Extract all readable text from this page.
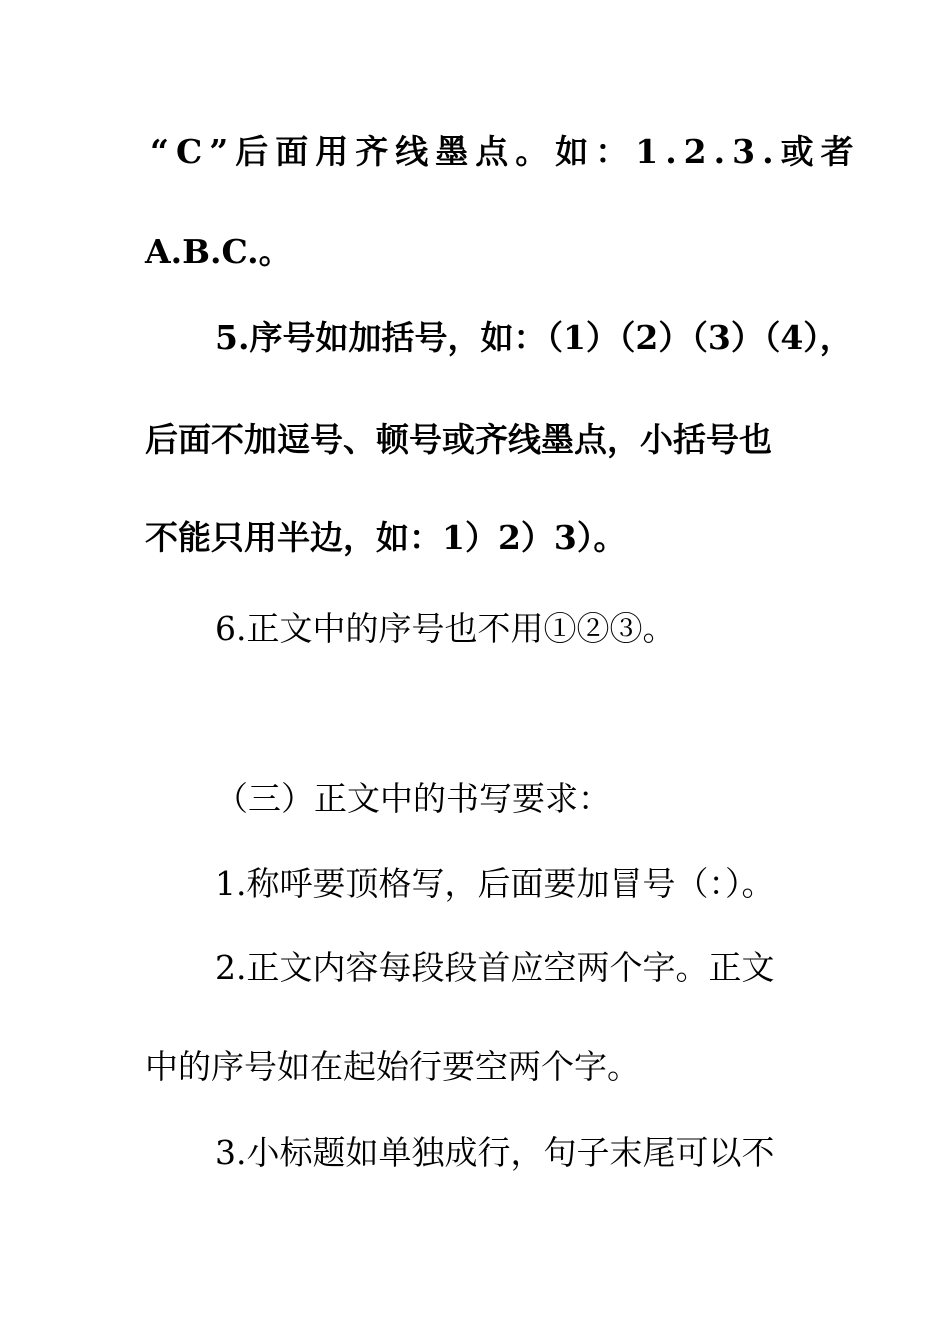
“C”后面用齐线墨点。如：1.2.3.或者
A.B.C.。
5.序号如加括号，如：（1）（2）（3）（4），
后面不加逗号、顿号或齐线墨点，小括号也
不能只用半边，如：1）2）3）。
6.正文中的序号也不用①②③。
（三）正文中的书写要求：
1.称呼要顶格写，后面要加冒号（：）。
2.正文内容每段段首应空两个字。正文
中的序号如在起始行要空两个字。
3.小标题如单独成行，句子末尾可以不
